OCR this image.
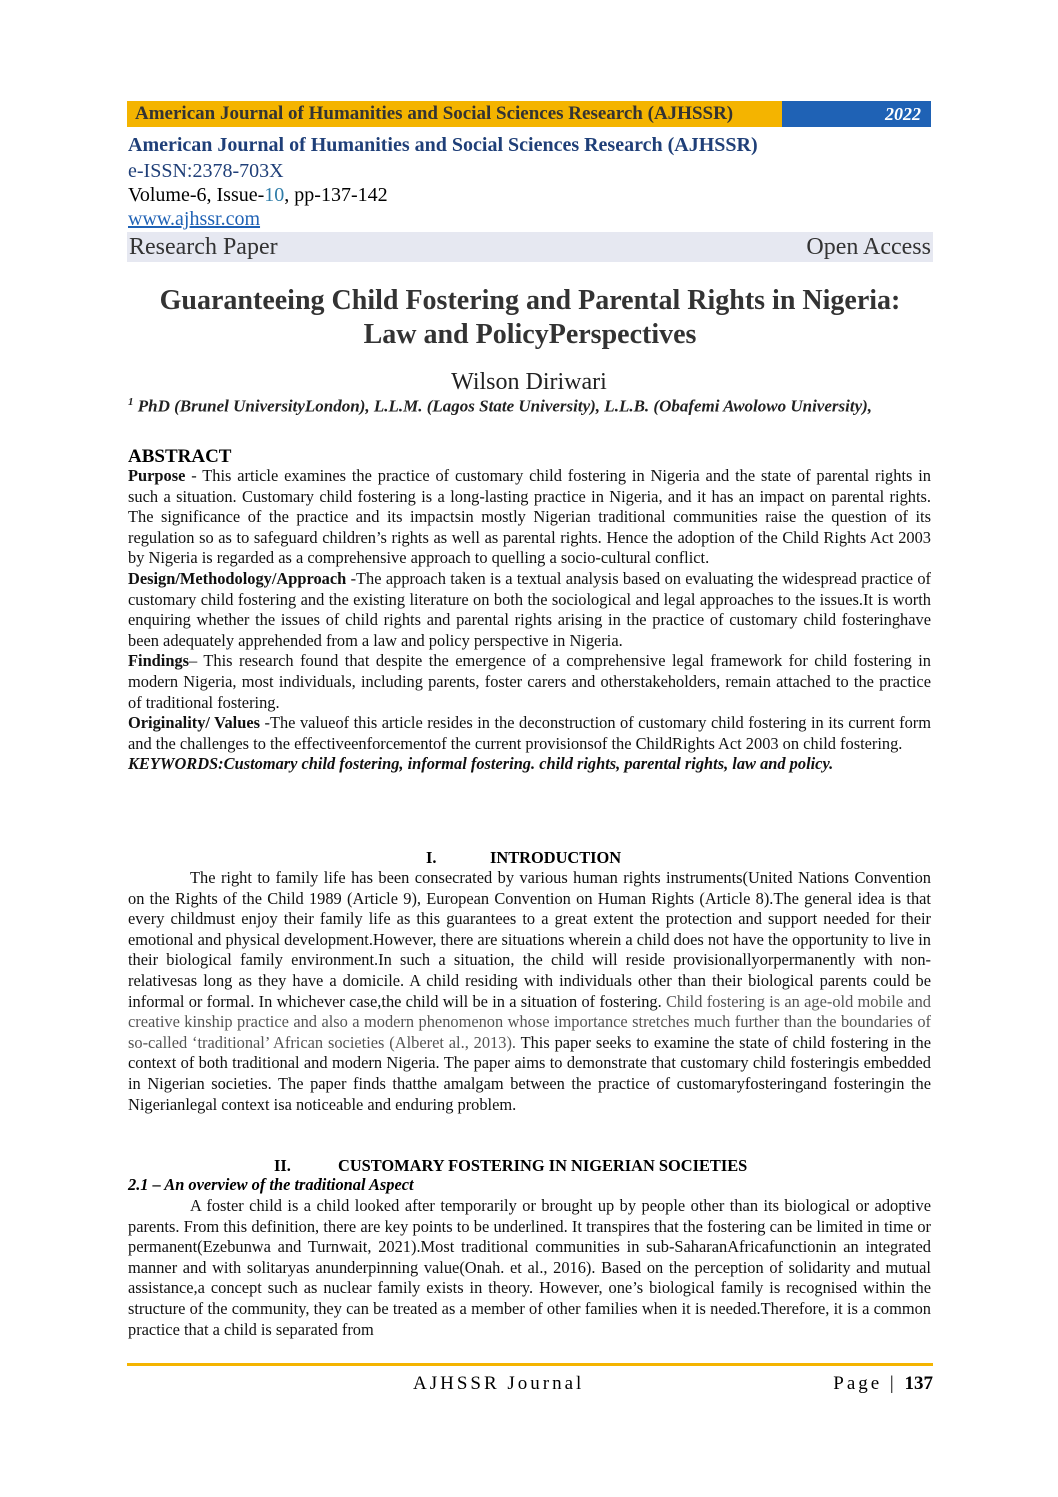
American Journal of Humanities and Social Sciences Research (AJHSSR)	2022
American Journal of Humanities and Social Sciences Research (AJHSSR)
e-ISSN:2378-703X
Volume-6, Issue-10, pp-137-142
www.ajhssr.com
Research Paper	Open Access
Guaranteeing Child Fostering and Parental Rights in Nigeria:
Law and PolicyPerspectives
Wilson Diriwari
$^1$ PhD (Brunel UniversityLondon), L.L.M. (Lagos State University), L.L.B. (Obafemi Awolowo University),
ABSTRACT

Purpose - This article examines the practice of customary child fostering in Nigeria and the state of parental rights in such a situation. Customary child fostering is a long-lasting practice in Nigeria, and it has an impact on parental rights. The significance of the practice and its impactsin mostly Nigerian traditional communities raise the question of its regulation so as to safeguard children’s rights as well as parental rights. Hence the adoption of the Child Rights Act 2003 by Nigeria is regarded as a comprehensive approach to quelling a socio-cultural conflict.

Design/Methodology/Approach -The approach taken is a textual analysis based on evaluating the widespread practice of customary child fostering and the existing literature on both the sociological and legal approaches to the issues.It is worth enquiring whether the issues of child rights and parental rights arising in the practice of customary child fosteringhave been adequately apprehended from a law and policy perspective in Nigeria.

Findings– This research found that despite the emergence of a comprehensive legal framework for child fostering in modern Nigeria, most individuals, including parents, foster carers and otherstakeholders, remain attached to the practice of traditional fostering.

Originality/ Values -The valueof this article resides in the deconstruction of customary child fostering in its current form and the challenges to the effectiveenforcementof the current provisionsof the ChildRights Act 2003 on child fostering.

KEYWORDS:Customary child fostering, informal fostering. child rights, parental rights, law and policy.

I.	INTRODUCTION

The right to family life has been consecrated by various human rights instruments(United Nations Convention on the Rights of the Child 1989 (Article 9), European Convention on Human Rights (Article 8).The general idea is that every childmust enjoy their family life as this guarantees to a great extent the protection and support needed for their emotional and physical development.However, there are situations wherein a child does not have the opportunity to live in their biological family environment.In such a situation, the child will reside provisionallyorpermanently with non-relativesas long as they have a domicile. A child residing with individuals other than their biological parents could be informal or formal. In whichever case,the child will be in a situation of fostering. Child fostering is an age-old mobile and creative kinship practice and also a modern phenomenon whose importance stretches much further than the boundaries of so-called ‘traditional’ African societies (Alberet al., 2013). This paper seeks to examine the state of child fostering in the context of both traditional and modern Nigeria. The paper aims to demonstrate that customary child fosteringis embedded in Nigerian societies. The paper finds thatthe amalgam between the practice of customaryfosteringand fosteringin the Nigerianlegal context isa noticeable and enduring problem.

II.	CUSTOMARY FOSTERING IN NIGERIAN SOCIETIES
2.1 – An overview of the traditional Aspect

A foster child is a child looked after temporarily or brought up by people other than its biological or adoptive parents. From this definition, there are key points to be underlined. It transpires that the fostering can be limited in time or permanent(Ezebunwa and Turnwait, 2021).Most traditional communities in sub-SaharanAfricafunctionin an integrated manner and with solitaryas anunderpinning value(Onah. et al., 2016). Based on the perception of solidarity and mutual assistance,a concept such as nuclear family exists in theory. However, one’s biological family is recognised within the structure of the community, they can be treated as a member of other families when it is needed.Therefore, it is a common practice that a child is separated from

AJHSSR Journal	Page | 137
